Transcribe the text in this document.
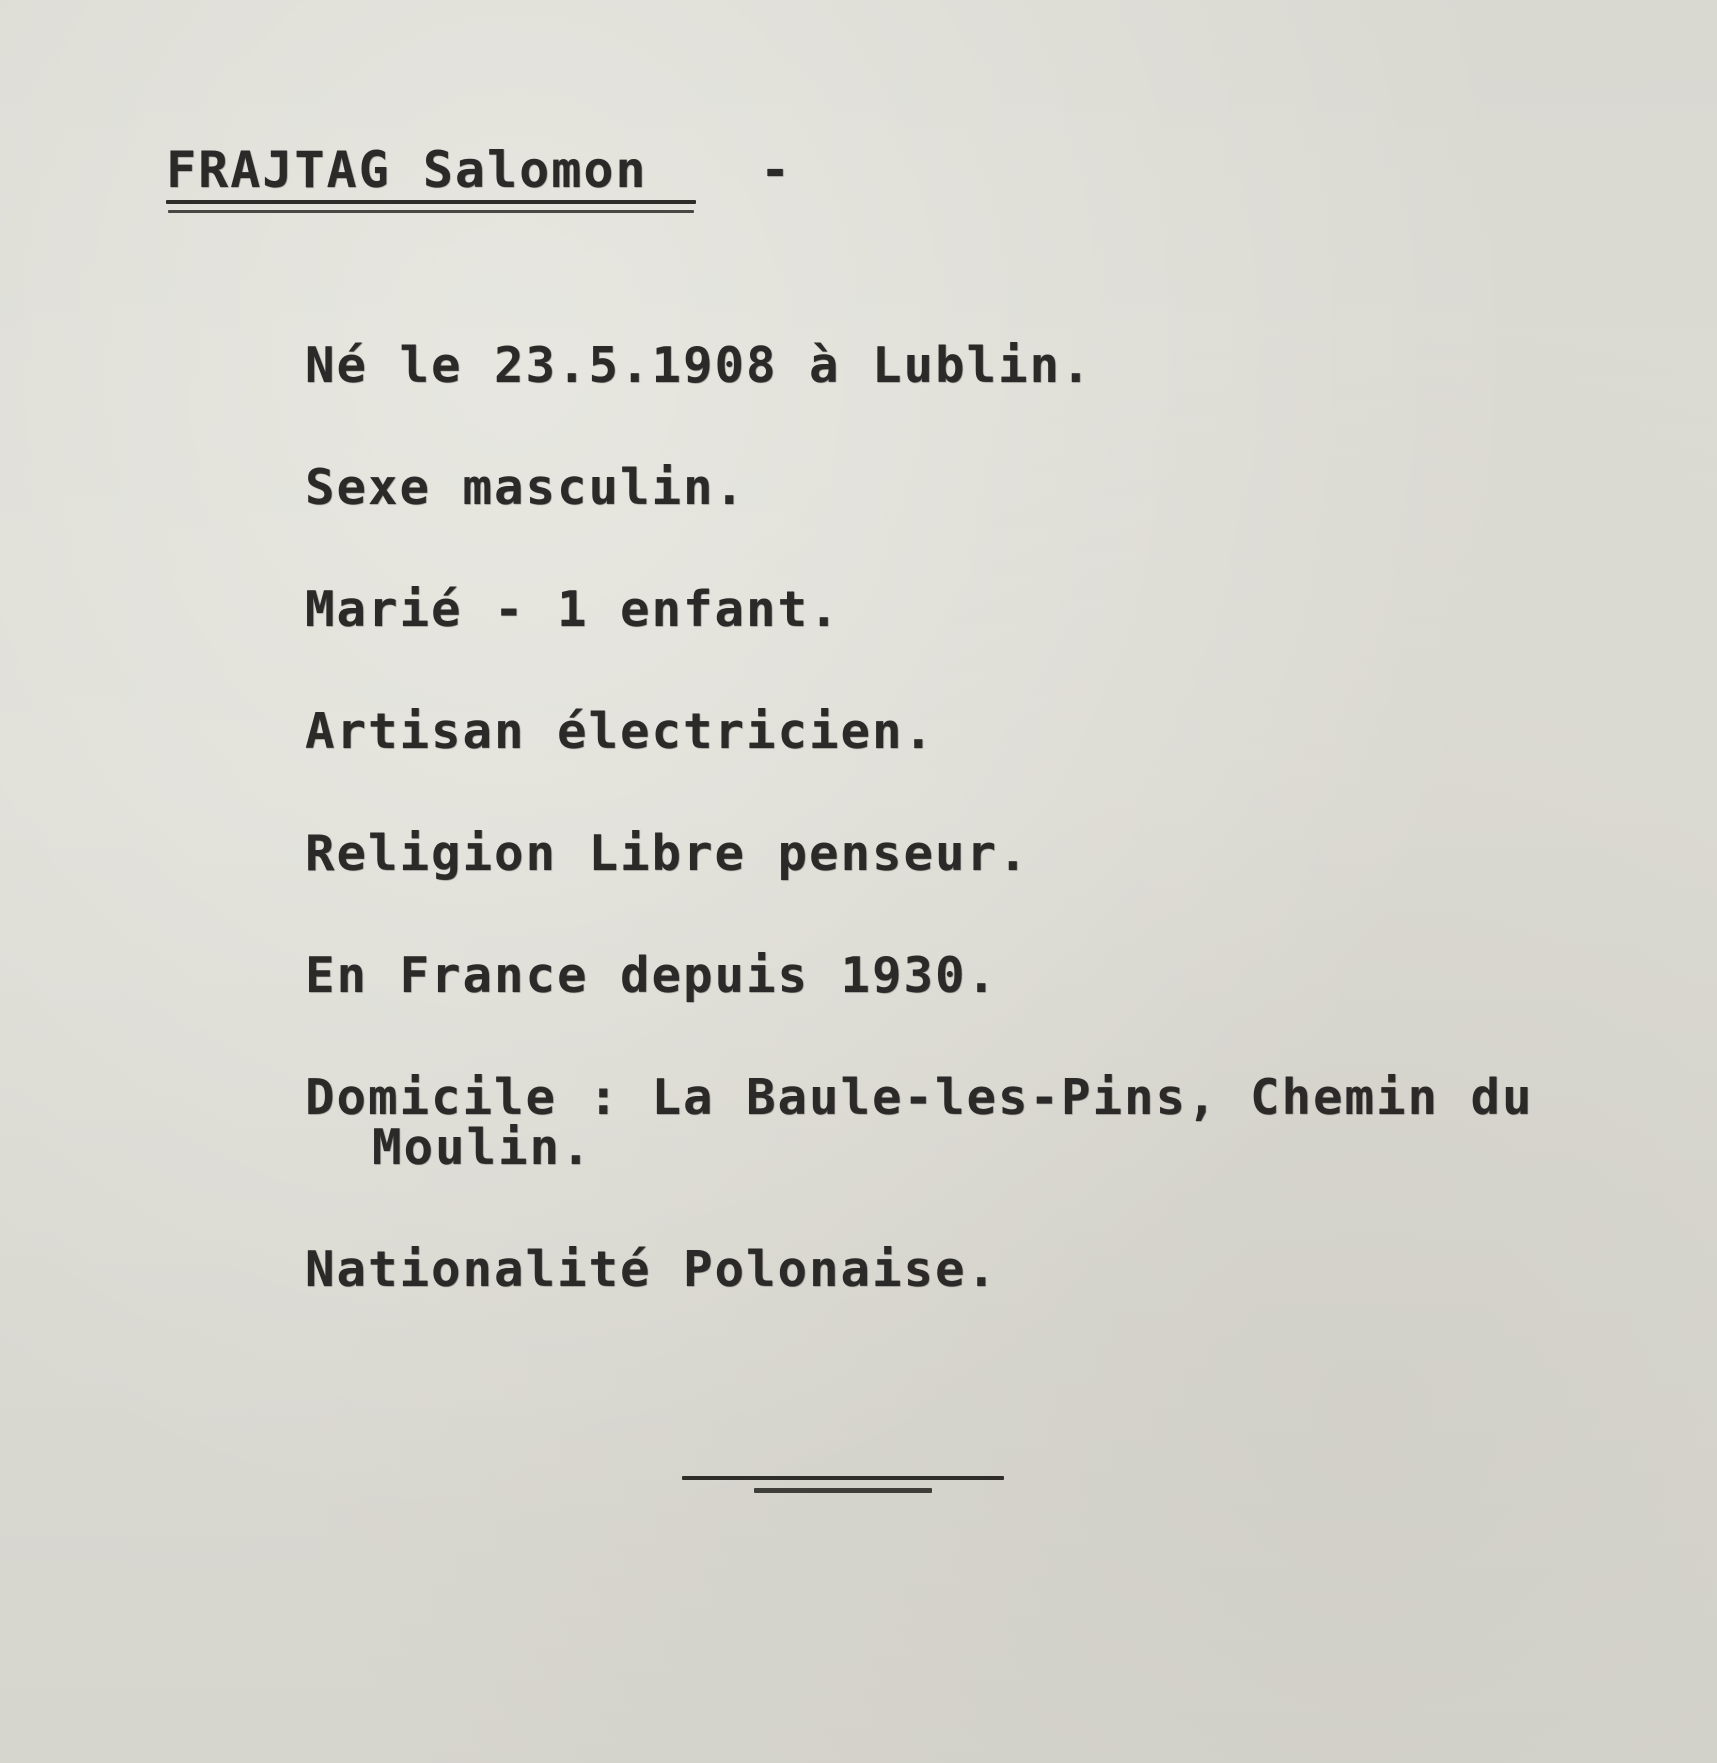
FRAJTAG Salomon -
Né le 23.5.1908 à Lublin.
Sexe masculin.
Marié - 1 enfant.
Artisan électricien.
Religion Libre penseur.
En France depuis 1930.
Domicile : La Baule-les-Pins, Chemin du
Moulin.
Nationalité Polonaise.
